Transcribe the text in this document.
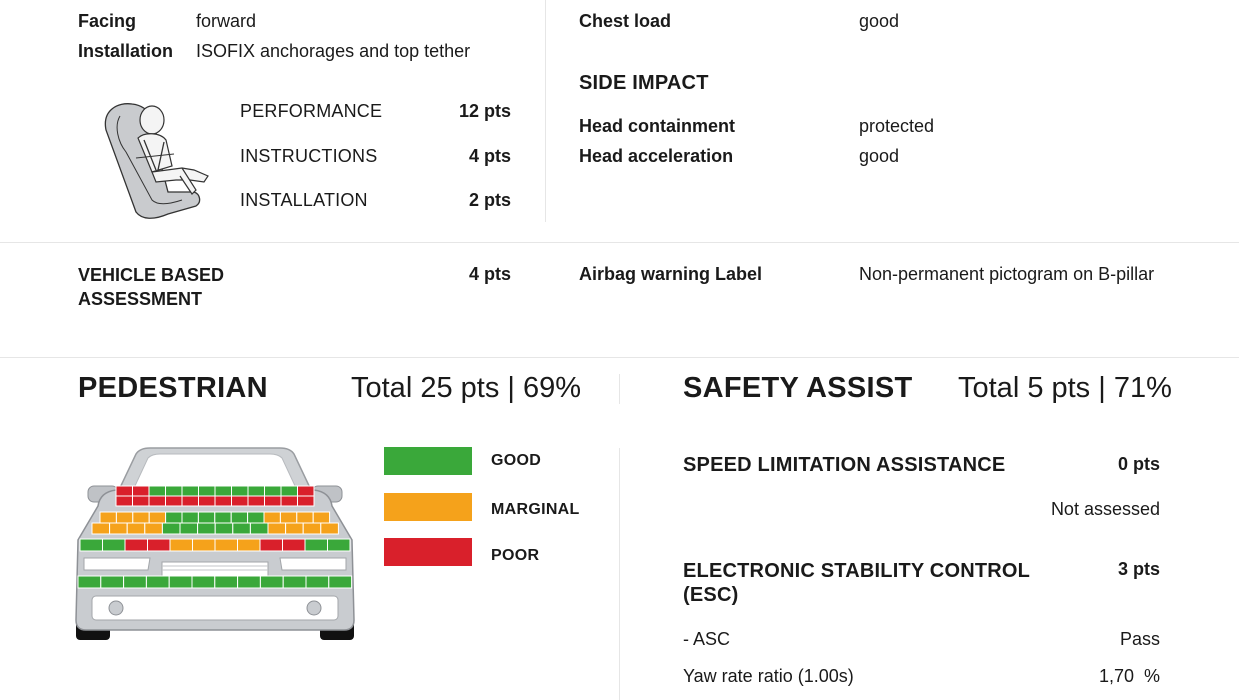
Facing	forward
Installation ISOFIX anchorages and top tether
PERFORMANCE	12 pts
INSTRUCTIONS	4 pts
INSTALLATION	2 pts
Chest load	good
SIDE IMPACT
Head containment	protected
Head acceleration	good
VEHICLE BASED
ASSESSMENT
4 pts	Airbag warning Label	Non-permanent pictogram on B-pillar
PEDESTRIAN	Total 25 pts | 69%
GOOD
MARGINAL
POOR
SAFETY ASSIST Total 5 pts | 71%
SPEED LIMITATION ASSISTANCE	0 pts
Not assessed
ELECTRONIC STABILITY CONTROL
(ESC)
3 pts
- ASC	Pass
Yaw rate ratio (1.00s)	1,70  %
